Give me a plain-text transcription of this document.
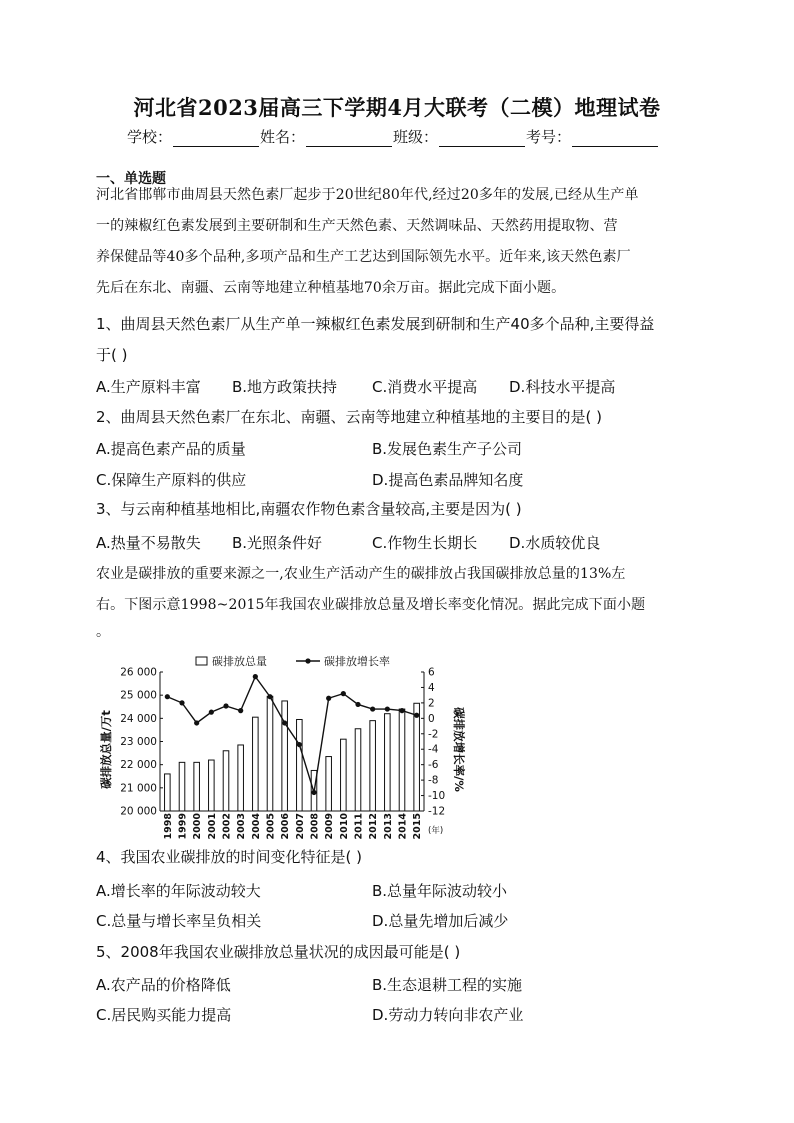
河北省2023届高三下学期4月大联考（二模）地理试卷
学校：	姓名：	班级：	考号：
一、单选题
河北省邯郸市曲周县天然色素厂起步于20世纪80年代,经过20多年的发展,已经从生产单
一的辣椒红色素发展到主要研制和生产天然色素、天然调味品、天然药用提取物、营
养保健品等40多个品种,多项产品和生产工艺达到国际领先水平。近年来,该天然色素厂
先后在东北、南疆、云南等地建立种植基地70余万亩。据此完成下面小题。
1、曲周县天然色素厂从生产单一辣椒红色素发展到研制和生产40多个品种,主要得益
于( )
A.生产原料丰富 B.地方政策扶持 C.消费水平提高 D.科技水平提高
2、曲周县天然色素厂在东北、南疆、云南等地建立种植基地的主要目的是( )
A.提高色素产品的质量	B.发展色素生产子公司
C.保障生产原料的供应	D.提高色素品牌知名度
3、与云南种植基地相比,南疆农作物色素含量较高,主要是因为( )
A.热量不易散失 B.光照条件好	C.作物生长期长 D.水质较优良
农业是碳排放的重要来源之一,农业生产活动产生的碳排放占我国碳排放总量的13%左
右。下图示意1998~2015年我国农业碳排放总量及增长率变化情况。据此完成下面小题
。
20 000
21 000
22 000
23 000
24 000
25 000
26 000
-12
-10
-8
-6
-4
-2
0
2
4
6
1998 1999 2000 2001 2002 2003 2004 2005 2006 2007 2008 2009 2010 2011 2012 2013 2014 2015 (年)
碳排放总量/万t	碳排放增长率/%
碳排放总量	碳排放增长率
4、我国农业碳排放的时间变化特征是( )
A.增长率的年际波动较大	B.总量年际波动较小
C.总量与增长率呈负相关	D.总量先增加后减少
5、2008年我国农业碳排放总量状况的成因最可能是( )
A.农产品的价格降低	B.生态退耕工程的实施
C.居民购买能力提高	D.劳动力转向非农产业
